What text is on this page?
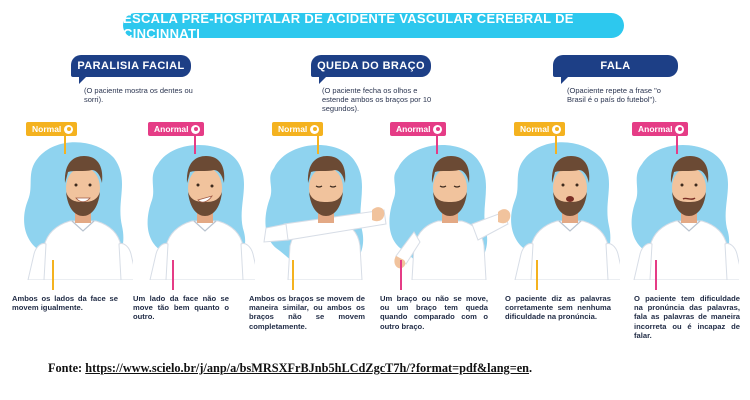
ESCALA PRÉ-HOSPITALAR DE ACIDENTE VASCULAR CEREBRAL DE CINCINNATI
PARALISIA FACIAL	QUEDA DO BRAÇO	FALA
(O paciente mostra os dentes ou sorri).
(O paciente fecha os olhos e estende ambos os braços por 10 segundos).
(Opaciente repete a frase "o Brasil é o país do futebol").
Normal	Anormal	Normal	Anormal	Normal	Anormal
Ambos os lados da face se movem igualmente.
Um lado da face não se move tão bem quanto o outro.
Ambos os braços se movem de maneira similar, ou ambos os braços não se movem completamente.
Um braço ou não se move, ou um braço tem queda quando comparado com o outro braço.
O paciente diz as palavras corretamente sem nenhuma dificuldade na pronúncia.
O paciente tem dificuldade na pronúncia das palavras, fala as palavras de maneira incorreta ou é incapaz de falar.
Fonte: https://www.scielo.br/j/anp/a/bsMRSXFrBJnb5hLCdZgcT7h/?format=pdf&lang=en.
